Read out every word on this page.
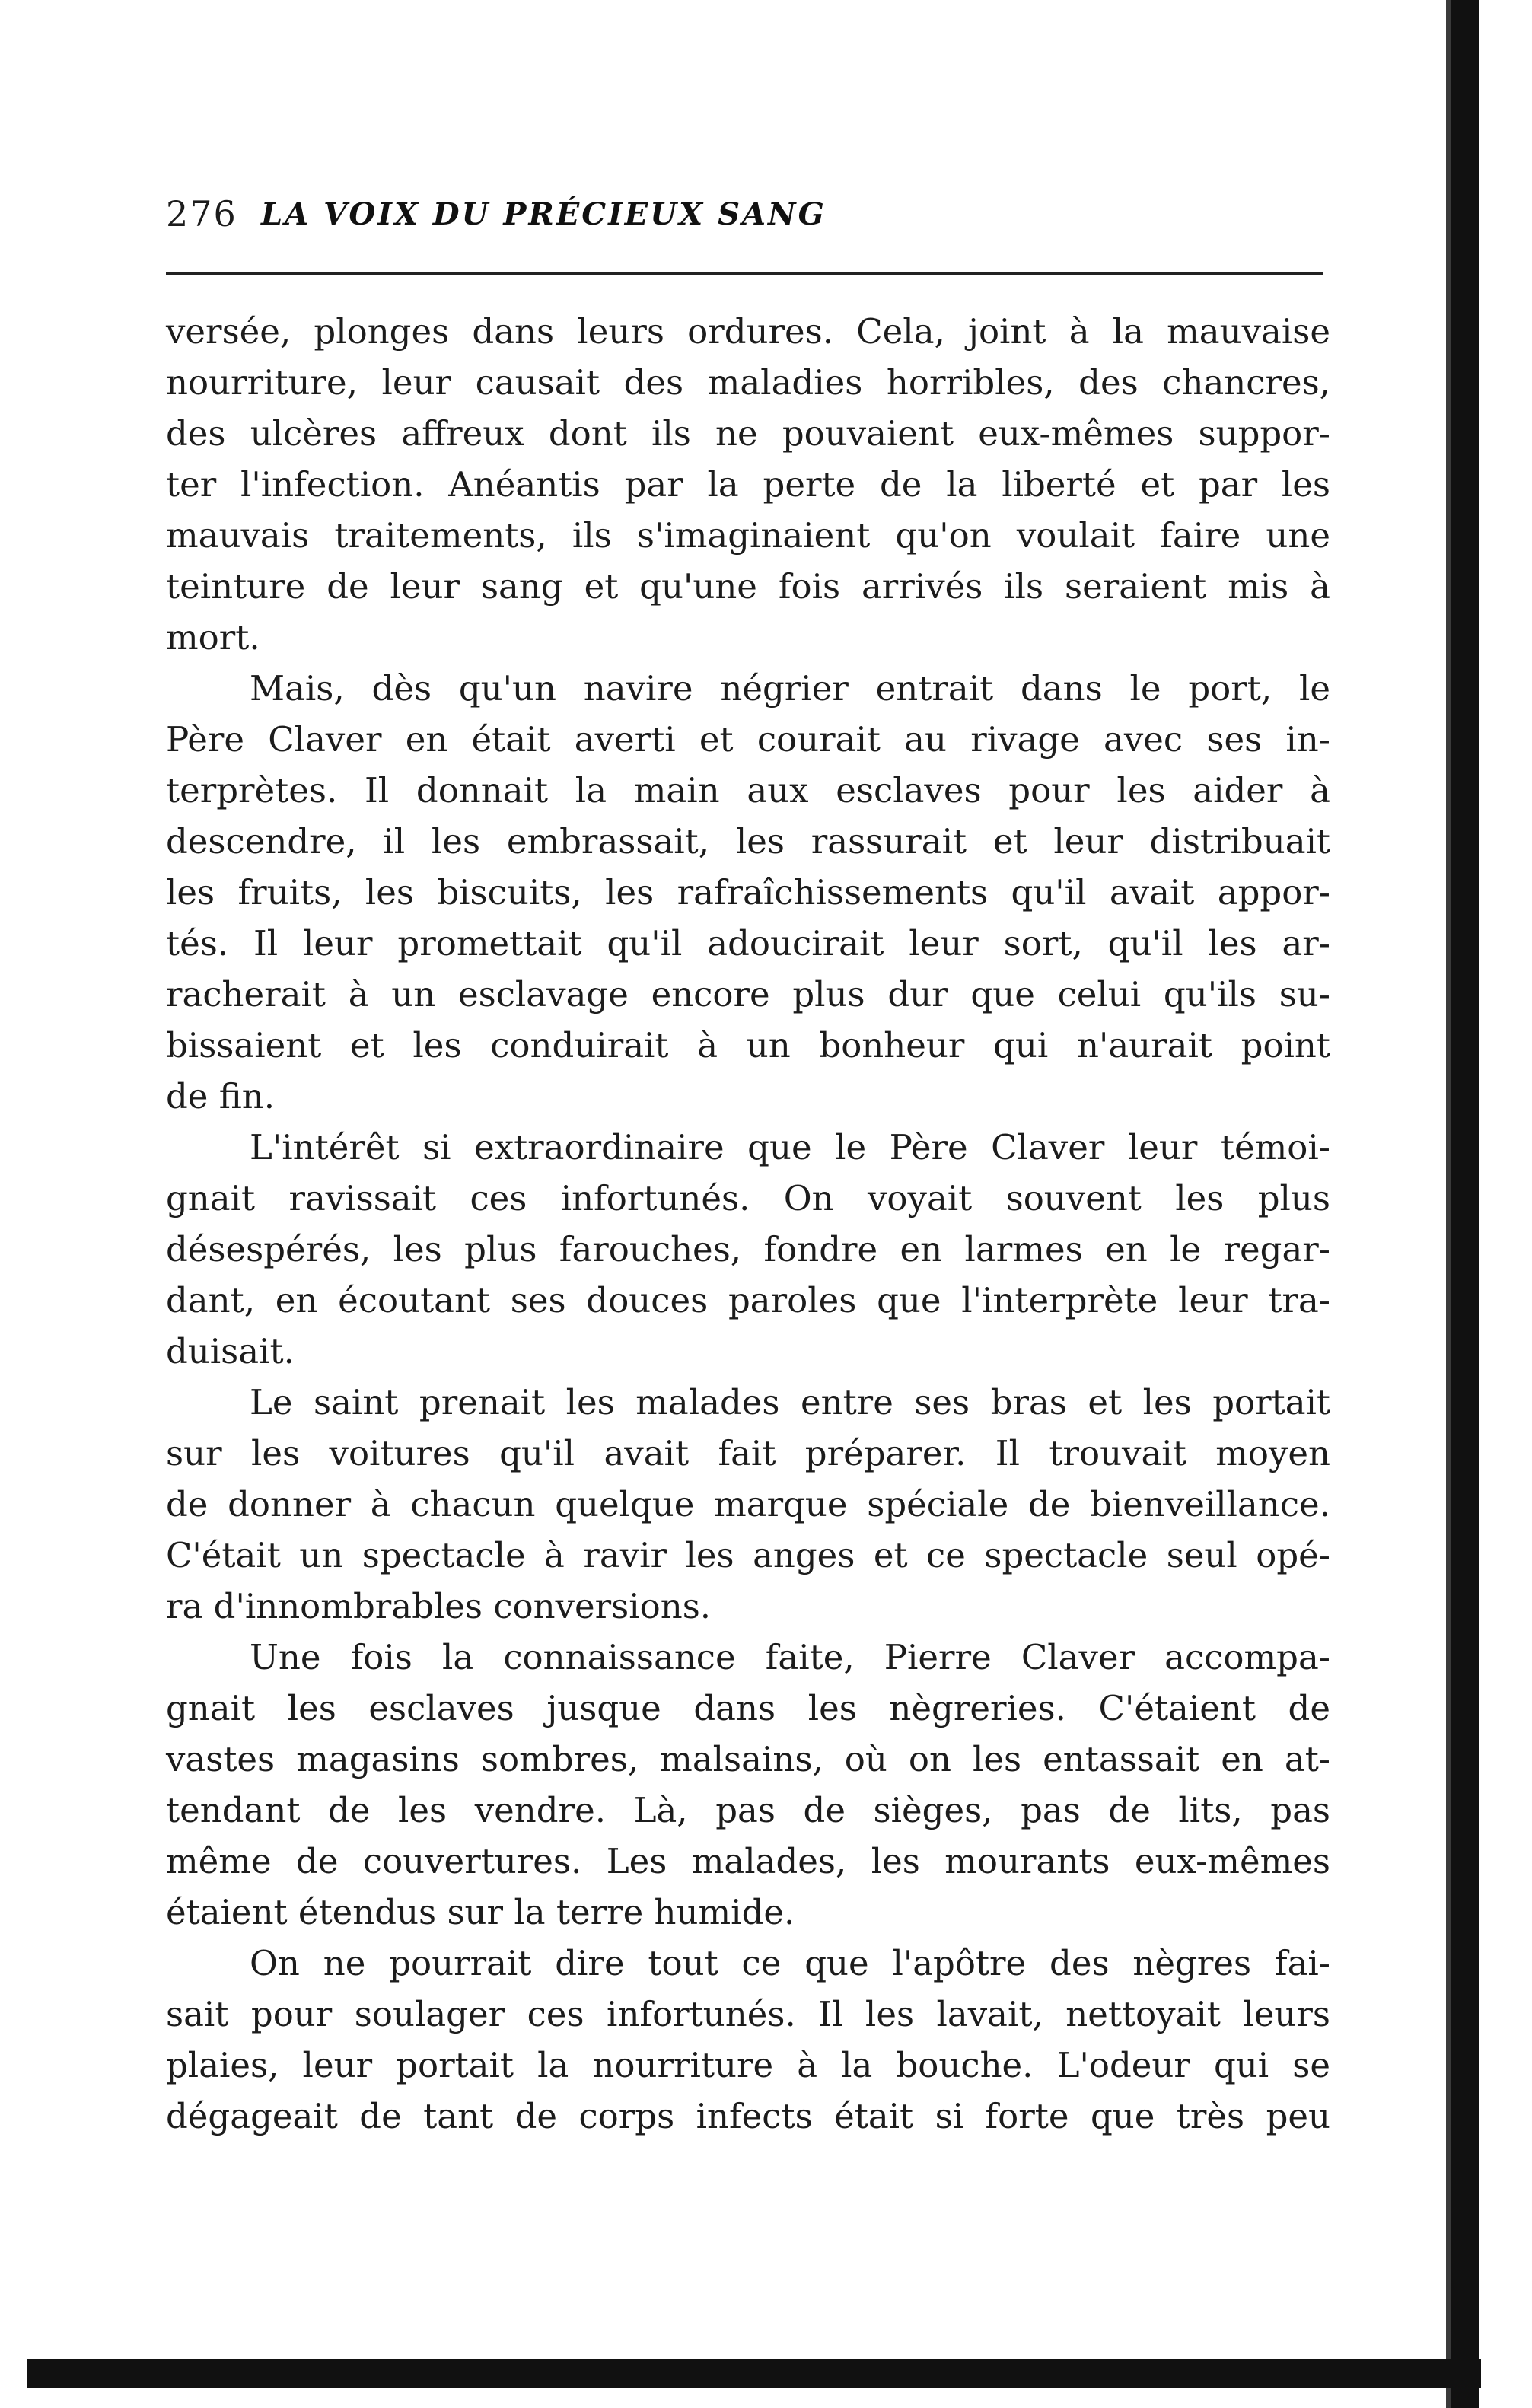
276 LA VOIX DU PRÉCIEUX SANG
versée, plonges dans leurs ordures. Cela, joint à la mauvaise
nourriture, leur causait des maladies horribles, des chancres,
des ulcères affreux dont ils ne pouvaient eux-mêmes suppor-
ter l'infection. Anéantis par la perte de la liberté et par les
mauvais traitements, ils s'imaginaient qu'on voulait faire une
teinture de leur sang et qu'une fois arrivés ils seraient mis à
mort.
Mais, dès qu'un navire négrier entrait dans le port, le
Père Claver en était averti et courait au rivage avec ses in-
terprètes. Il donnait la main aux esclaves pour les aider à
descendre, il les embrassait, les rassurait et leur distribuait
les fruits, les biscuits, les rafraîchissements qu'il avait appor-
tés. Il leur promettait qu'il adoucirait leur sort, qu'il les ar-
racherait à un esclavage encore plus dur que celui qu'ils su-
bissaient et les conduirait à un bonheur qui n'aurait point
de fin.
L'intérêt si extraordinaire que le Père Claver leur témoi-
gnait ravissait ces infortunés. On voyait souvent les plus
désespérés, les plus farouches, fondre en larmes en le regar-
dant, en écoutant ses douces paroles que l'interprète leur tra-
duisait.
Le saint prenait les malades entre ses bras et les portait
sur les voitures qu'il avait fait préparer. Il trouvait moyen
de donner à chacun quelque marque spéciale de bienveillance.
C'était un spectacle à ravir les anges et ce spectacle seul opé-
ra d'innombrables conversions.
Une fois la connaissance faite, Pierre Claver accompa-
gnait les esclaves jusque dans les nègreries. C'étaient de
vastes magasins sombres, malsains, où on les entassait en at-
tendant de les vendre. Là, pas de sièges, pas de lits, pas
même de couvertures. Les malades, les mourants eux-mêmes
étaient étendus sur la terre humide.
On ne pourrait dire tout ce que l'apôtre des nègres fai-
sait pour soulager ces infortunés. Il les lavait, nettoyait leurs
plaies, leur portait la nourriture à la bouche. L'odeur qui se
dégageait de tant de corps infects était si forte que très peu
